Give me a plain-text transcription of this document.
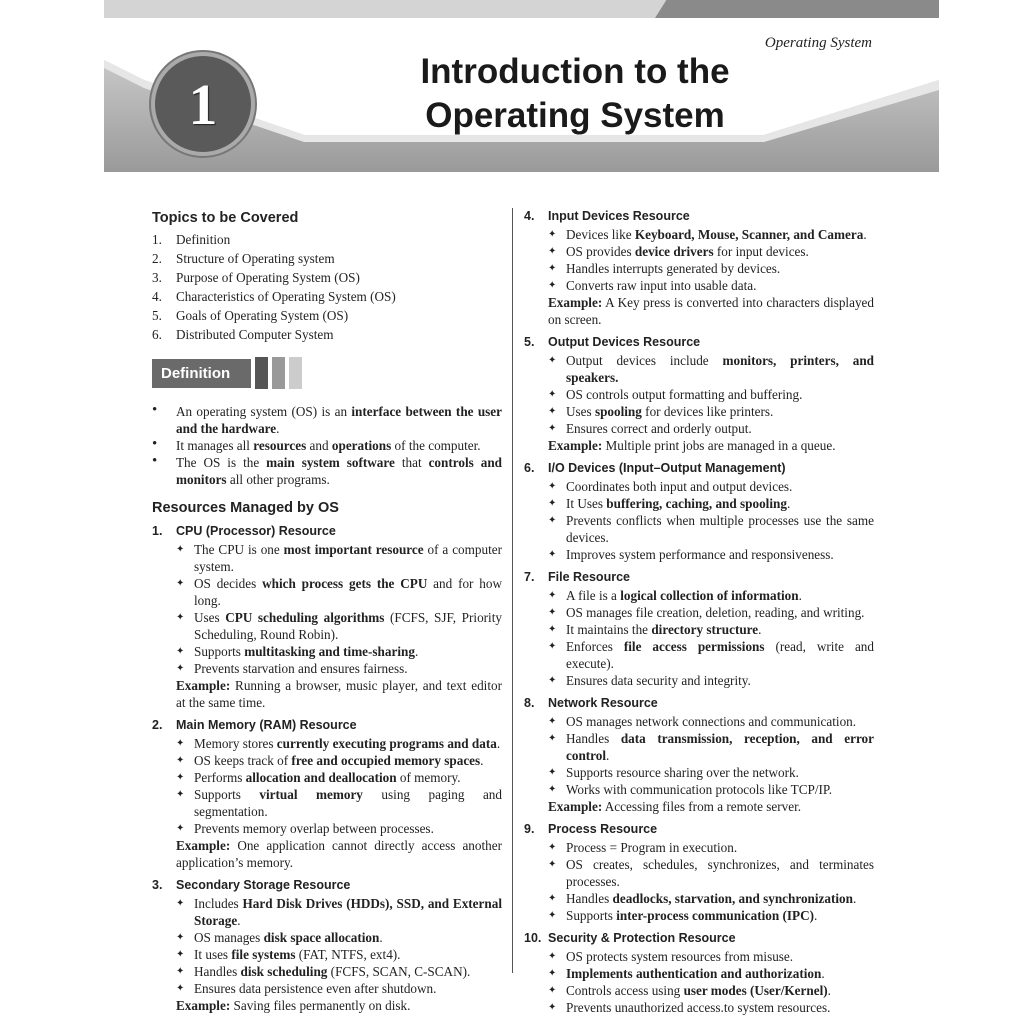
Operating System
1	Introduction to the
Operating System
Topics to be Covered
1.	Definition
2.	Structure of Operating system
3.	Purpose of Operating System (OS)
4.	Characteristics of Operating System (OS)
5.	Goals of Operating System (OS)
6.	Distributed Computer System
Definition
• An operating system (OS) is an interface between the user and the hardware.
• It manages all resources and operations of the computer.
• The OS is the main system software that controls and monitors all other programs.
Resources Managed by OS
1.	CPU (Processor) Resource
✦ The CPU is one most important resource of a computer system.
✦ OS decides which process gets the CPU and for how long.
✦ Uses CPU scheduling algorithms (FCFS, SJF, Priority Scheduling, Round Robin).
✦ Supports multitasking and time-sharing.
✦ Prevents starvation and ensures fairness.
Example: Running a browser, music player, and text editor at the same time.
2.	Main Memory (RAM) Resource
✦ Memory stores currently executing programs and data.
✦ OS keeps track of free and occupied memory spaces.
✦ Performs allocation and deallocation of memory.
✦ Supports virtual memory using paging and segmentation.
✦ Prevents memory overlap between processes.
Example: One application cannot directly access another application’s memory.
3.	Secondary Storage Resource
✦ Includes Hard Disk Drives (HDDs), SSD, and External Storage.
✦ OS manages disk space allocation.
✦ It uses file systems (FAT, NTFS, ext4).
✦ Handles disk scheduling (FCFS, SCAN, C-SCAN).
✦ Ensures data persistence even after shutdown.
Example: Saving files permanently on disk.
4.	Input Devices Resource
✦ Devices like Keyboard, Mouse, Scanner, and Camera.
✦ OS provides device drivers for input devices.
✦ Handles interrupts generated by devices.
✦ Converts raw input into usable data.
Example: A Key press is converted into characters displayed on screen.
5.	Output Devices Resource
✦ Output devices include monitors, printers, and speakers.
✦ OS controls output formatting and buffering.
✦ Uses spooling for devices like printers.
✦ Ensures correct and orderly output.
Example: Multiple print jobs are managed in a queue.
6.	I/O Devices (Input–Output Management)
✦ Coordinates both input and output devices.
✦ It Uses buffering, caching, and spooling.
✦ Prevents conflicts when multiple processes use the same devices.
✦ Improves system performance and responsiveness.
7.	File Resource
✦ A file is a logical collection of information.
✦ OS manages file creation, deletion, reading, and writing.
✦ It maintains the directory structure.
✦ Enforces file access permissions (read, write and execute).
✦ Ensures data security and integrity.
8.	Network Resource
✦ OS manages network connections and communication.
✦ Handles data transmission, reception, and error control.
✦ Supports resource sharing over the network.
✦ Works with communication protocols like TCP/IP.
Example: Accessing files from a remote server.
9.	Process Resource
✦ Process = Program in execution.
✦ OS creates, schedules, synchronizes, and terminates processes.
✦ Handles deadlocks, starvation, and synchronization.
✦ Supports inter-process communication (IPC).
10. Security & Protection Resource
✦ OS protects system resources from misuse.
✦ Implements authentication and authorization.
✦ Controls access using user modes (User/Kernel).
✦ Prevents unauthorized access.to system resources.
